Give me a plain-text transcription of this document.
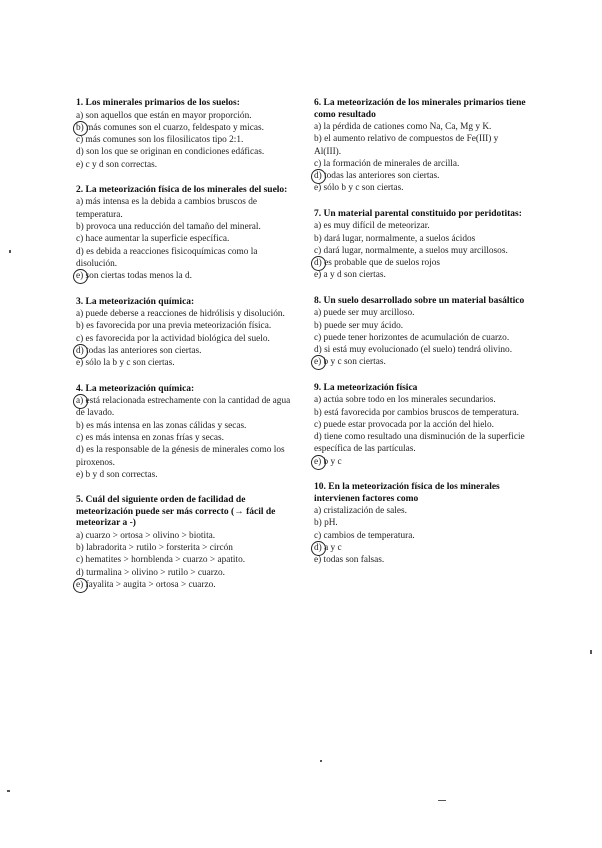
1. Los minerales primarios de los suelos:
a) son aquellos que están en mayor proporción.
b) más comunes son el cuarzo, feldespato y micas.
c) más comunes son los filosilicatos tipo 2:1.
d) son los que se originan en condiciones edáficas.
e) c y d son correctas.
2. La meteorización física de los minerales del suelo:
a) más intensa es la debida a cambios bruscos de temperatura.
b) provoca una reducción del tamaño del mineral.
c) hace aumentar la superficie específica.
d) es debida a reacciones fisicoquímicas como la disolución.
e) son ciertas todas menos la d.
3. La meteorización química:
a) puede deberse a reacciones de hidrólisis y disolución.
b) es favorecida por una previa meteorización física.
c) es favorecida por la actividad biológica del suelo.
d) todas las anteriores son ciertas.
e) sólo la b y c son ciertas.
4. La meteorización química:
a) está relacionada estrechamente con la cantidad de agua de lavado.
b) es más intensa en las zonas cálidas y secas.
c) es más intensa en zonas frías y secas.
d) es la responsable de la génesis de minerales como los piroxenos.
e) b y d son correctas.
5. Cuál del siguiente orden de facilidad de meteorización puede ser más correcto (→ fácil de meteorizar a -)
a) cuarzo > ortosa > olivino > biotita.
b) labradorita > rutilo > forsterita > circón
c) hematites > hornblenda > cuarzo > apatito.
d) turmalina > olivino > rutilo > cuarzo.
e) fayalita > augita > ortosa > cuarzo.
6. La meteorización de los minerales primarios tiene como resultado
a) la pérdida de cationes como Na, Ca, Mg y K.
b) el aumento relativo de compuestos de Fe(III) y Al(III).
c) la formación de minerales de arcilla.
d) todas las anteriores son ciertas.
e) sólo b y c son ciertas.
7. Un material parental constituido por peridotitas:
a) es muy difícil de meteorizar.
b) dará lugar, normalmente, a suelos ácidos
c) dará lugar, normalmente, a suelos muy arcillosos.
d) es probable que de suelos rojos
e) a y d son ciertas.
8. Un suelo desarrollado sobre un material basáltico
a) puede ser muy arcilloso.
b) puede ser muy ácido.
c) puede tener horizontes de acumulación de cuarzo.
d) si está muy evolucionado (el suelo) tendrá olivino.
e) b y c son ciertas.
9. La meteorización física
a) actúa sobre todo en los minerales secundarios.
b) está favorecida por cambios bruscos de temperatura.
c) puede estar provocada por la acción del hielo.
d) tiene como resultado una disminución de la superficie específica de las partículas.
e) b y c
10. En la meteorización física de los minerales intervienen factores como
a) cristalización de sales.
b) pH.
c) cambios de temperatura.
d) a y c
e) todas son falsas.
